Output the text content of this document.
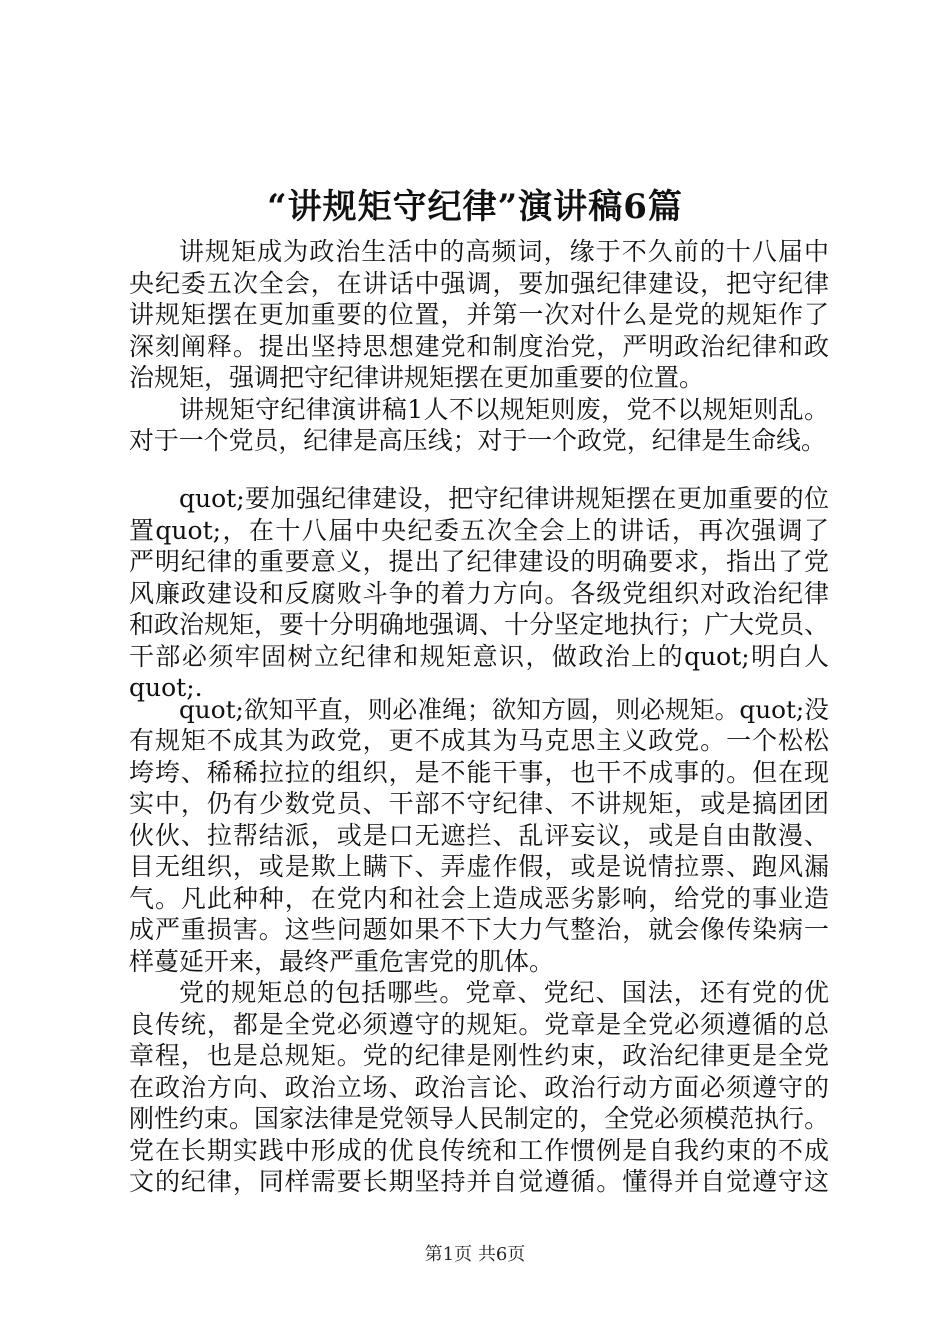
“讲规矩守纪律”演讲稿6篇
讲规矩成为政治生活中的高频词，缘于不久前的十八届中
央纪委五次全会，在讲话中强调，要加强纪律建设，把守纪律
讲规矩摆在更加重要的位置，并第一次对什么是党的规矩作了
深刻阐释。提出坚持思想建党和制度治党，严明政治纪律和政
治规矩，强调把守纪律讲规矩摆在更加重要的位置。
讲规矩守纪律演讲稿1人不以规矩则废，党不以规矩则乱。
对于一个党员，纪律是高压线；对于一个政党，纪律是生命线。
quot;要加强纪律建设，把守纪律讲规矩摆在更加重要的位
置quot;，在十八届中央纪委五次全会上的讲话，再次强调了
严明纪律的重要意义，提出了纪律建设的明确要求，指出了党
风廉政建设和反腐败斗争的着力方向。各级党组织对政治纪律
和政治规矩，要十分明确地强调、十分坚定地执行；广大党员、
干部必须牢固树立纪律和规矩意识，做政治上的quot;明白人
quot;.
quot;欲知平直，则必准绳；欲知方圆，则必规矩。quot;没
有规矩不成其为政党，更不成其为马克思主义政党。一个松松
垮垮、稀稀拉拉的组织，是不能干事，也干不成事的。但在现
实中，仍有少数党员、干部不守纪律、不讲规矩，或是搞团团
伙伙、拉帮结派，或是口无遮拦、乱评妄议，或是自由散漫、
目无组织，或是欺上瞒下、弄虚作假，或是说情拉票、跑风漏
气。凡此种种，在党内和社会上造成恶劣影响，给党的事业造
成严重损害。这些问题如果不下大力气整治，就会像传染病一
样蔓延开来，最终严重危害党的肌体。
党的规矩总的包括哪些。党章、党纪、国法，还有党的优
良传统，都是全党必须遵守的规矩。党章是全党必须遵循的总
章程，也是总规矩。党的纪律是刚性约束，政治纪律更是全党
在政治方向、政治立场、政治言论、政治行动方面必须遵守的
刚性约束。国家法律是党领导人民制定的，全党必须模范执行。
党在长期实践中形成的优良传统和工作惯例是自我约束的不成
文的纪律，同样需要长期坚持并自觉遵循。懂得并自觉遵守这
第1页 共6页
